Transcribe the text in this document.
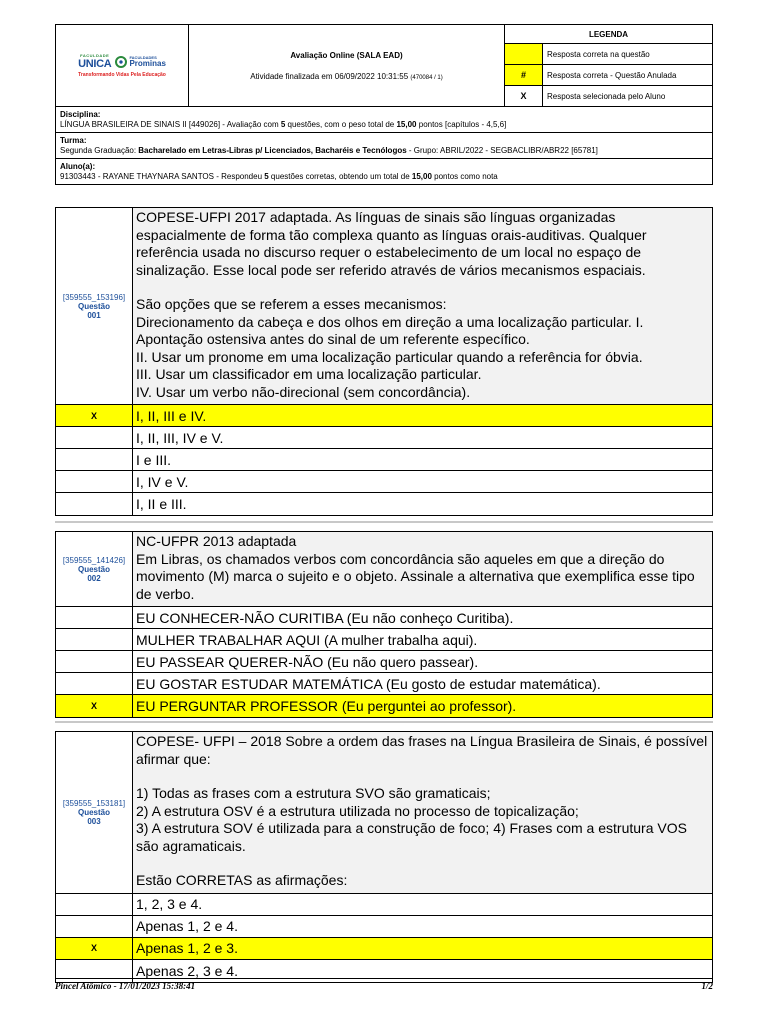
FACULDADE
UNICA
FACULDADES
Prominas
Transformando Vidas Pela Educação
Avaliação Online (SALA EAD)
Atividade finalizada em 06/09/2022 10:31:55 (470084 / 1)
LEGENDA
Resposta correta na questão
#	Resposta correta - Questão Anulada
X	Resposta selecionada pelo Aluno
Disciplina:
LÍNGUA BRASILEIRA DE SINAIS II [449026] - Avaliação com 5 questões, com o peso total de 15,00 pontos [capítulos - 4,5,6]
Turma:
Segunda Graduação: Bacharelado em Letras-Libras p/ Licenciados, Bacharéis e Tecnólogos - Grupo: ABRIL/2022 - SEGBACLIBR/ABR22 [65781]
Aluno(a):
91303443 - RAYANE THAYNARA SANTOS - Respondeu 5 questões corretas, obtendo um total de 15,00 pontos como nota
[359555_153196]
Questão
001

COPESE-UFPI 2017 adaptada. As línguas de sinais são línguas organizadas espacialmente de forma tão complexa quanto as línguas orais-auditivas. Qualquer referência usada no discurso requer o estabelecimento de um local no espaço de sinalização. Esse local pode ser referido através de vários mecanismos espaciais.

São opções que se referem a esses mecanismos:

Direcionamento da cabeça e dos olhos em direção a uma localização particular. I. Apontação ostensiva antes do sinal de um referente específico.

II. Usar um pronome em uma localização particular quando a referência for óbvia.

III. Usar um classificador em uma localização particular.

IV. Usar um verbo não-direcional (sem concordância).

X	I, II, III e IV.
I, II, III, IV e V.
I e III.
I, IV e V.
I, II e III.
[359555_141426]
Questão
002

NC-UFPR 2013 adaptada

Em Libras, os chamados verbos com concordância são aqueles em que a direção do movimento (M) marca o sujeito e o objeto. Assinale a alternativa que exemplifica esse tipo de verbo.

EU CONHECER-NÃO CURITIBA (Eu não conheço Curitiba).
MULHER TRABALHAR AQUI (A mulher trabalha aqui).
EU PASSEAR QUERER-NÃO (Eu não quero passear).
EU GOSTAR ESTUDAR MATEMÁTICA (Eu gosto de estudar matemática).
X	EU PERGUNTAR PROFESSOR (Eu perguntei ao professor).
[359555_153181]
Questão
003

COPESE- UFPI – 2018 Sobre a ordem das frases na Língua Brasileira de Sinais, é possível afirmar que:

1) Todas as frases com a estrutura SVO são gramaticais;

2) A estrutura OSV é a estrutura utilizada no processo de topicalização;

3) A estrutura SOV é utilizada para a construção de foco; 4) Frases com a estrutura VOS são agramaticais.

Estão CORRETAS as afirmações:

1, 2, 3 e 4.
Apenas 1, 2 e 4.
X	Apenas 1, 2 e 3.
Apenas 2, 3 e 4.
Pincel Atômico - 17/01/2023 15:38:41	1/2
